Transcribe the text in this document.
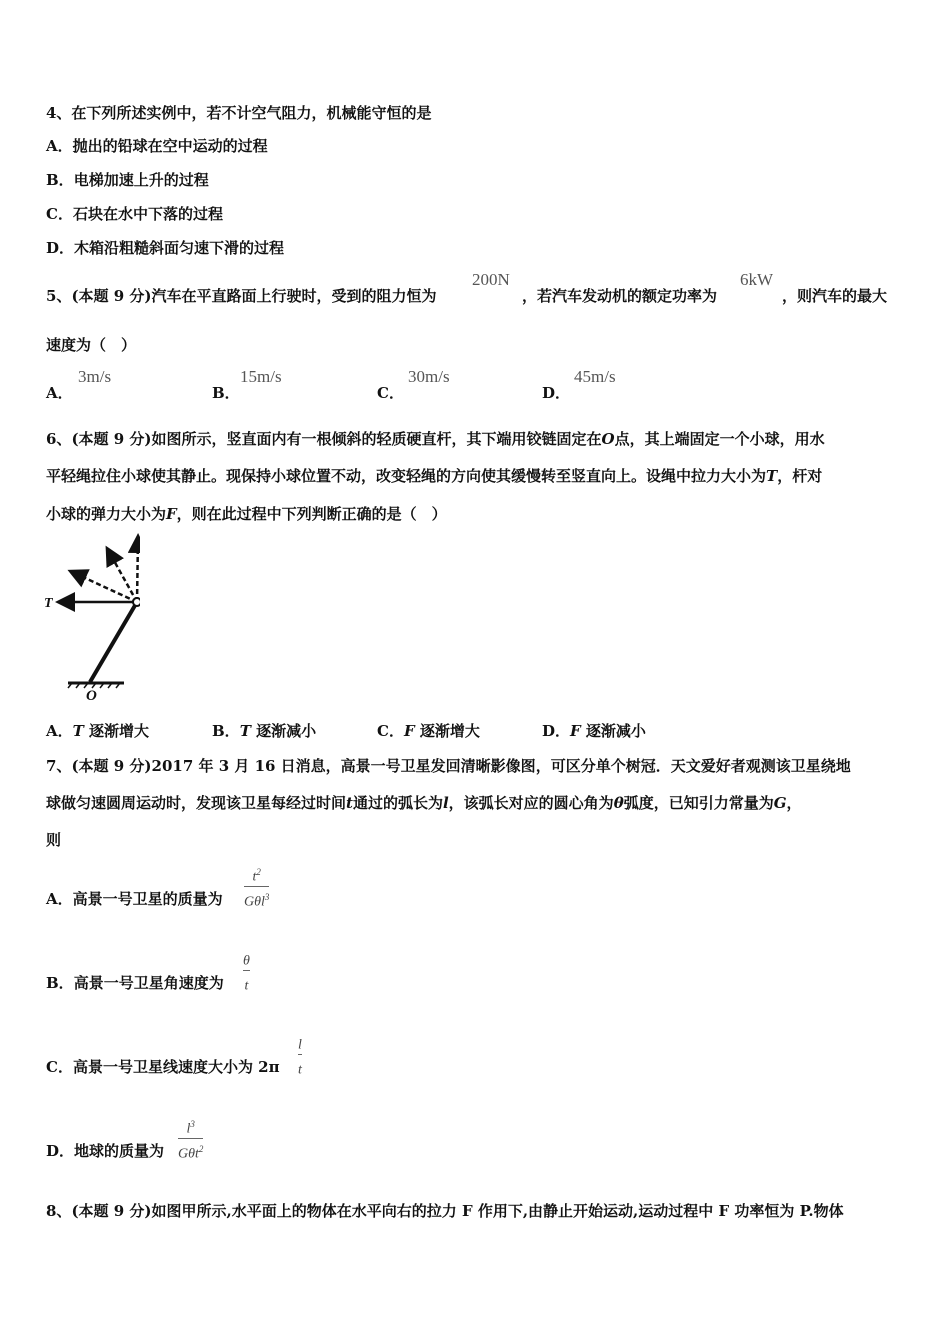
4、在下列所述实例中，若不计空气阻力，机械能守恒的是
A．抛出的铅球在空中运动的过程
B．电梯加速上升的过程
C．石块在水中下落的过程
D．木箱沿粗糙斜面匀速下滑的过程
5、(本题 9 分)汽车在平直路面上行驶时，受到的阻力恒为
200N
，若汽车发动机的额定功率为
6kW
，则汽车的最大
速度为（　）
A．
3m/s
B．
15m/s
C．
30m/s
D．
45m/s
6、(本题 9 分)如图所示，竖直面内有一根倾斜的轻质硬直杆，其下端用铰链固定在O点，其上端固定一个小球，用水
平轻绳拉住小球使其静止。现保持小球位置不动，改变轻绳的方向使其缓慢转至竖直向上。设绳中拉力大小为T，杆对
小球的弹力大小为F，则在此过程中下列判断正确的是（　）
T
O
A．T 逐渐增大	B．T 逐渐减小	C．F 逐渐增大	D．F 逐渐减小
7、(本题 9 分)2017 年 3 月 16 日消息，高景一号卫星发回清晰影像图，可区分单个树冠．天文爱好者观测该卫星绕地
球做匀速圆周运动时，发现该卫星每经过时间t通过的弧长为l，该弧长对应的圆心角为θ弧度，已知引力常量为G，
则
A．高景一号卫星的质量为
$t^2$
Gθl$^3$
B．高景一号卫星角速度为 $\frac{\theta}{t}$
C．高景一号卫星线速度大小为 $2\pi \frac{l}{t}$
D．地球的质量为
$l^3$
Gθt$^2$
8、(本题 9 分)如图甲所示,水平面上的物体在水平向右的拉力 F 作用下,由静止开始运动,运动过程中 F 功率恒为 P.物体
